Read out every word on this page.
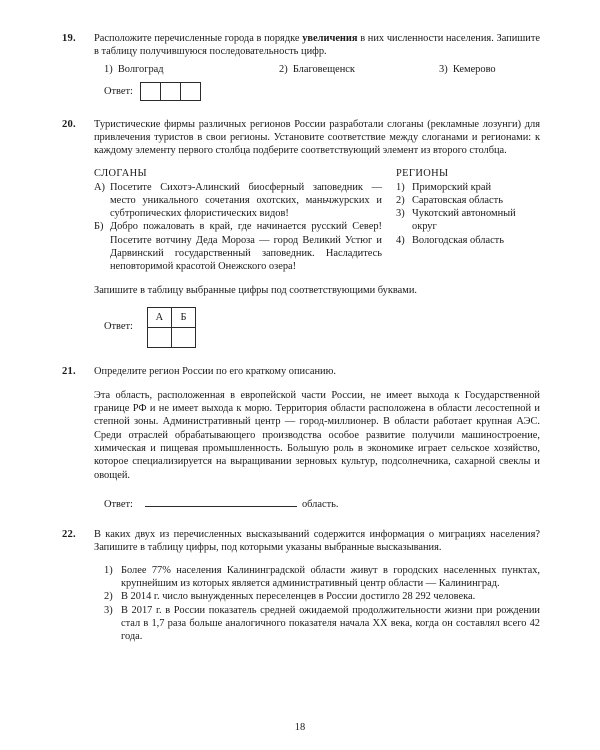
19.	Расположите перечисленные города в порядке увеличения в них численности населения. Запишите в таблицу получившуюся последовательность цифр.

1)  Волгоград	2)  Благовещенск	3)  Кемерово
Ответ:
20.	Туристические фирмы различных регионов России разработали слоганы (рекламные лозунги) для привлечения туристов в свои регионы. Установите соответствие между слоганами и регионами: к каждому элементу первого столбца подберите соответствующий элемент из второго столбца.

СЛОГАНЫ
А) Посетите Сихотэ-Алинский биосферный заповедник — место уникального сочетания охотских, маньчжурских и субтропических флористических видов!
Б) Добро пожаловать в край, где начинается русский Север! Посетите вотчину Деда Мороза — город Великий Устюг и Дарвинский государственный заповедник. Насладитесь неповторимой красотой Онежского озера!
РЕГИОНЫ
1) Приморский край
2) Саратовская область
3) Чукотский автономный округ
4) Вологодская область

Запишите в таблицу выбранные цифры под соответствующими буквами.

Ответ:
А	Б

21.	Определите регион России по его краткому описанию.

Эта область, расположенная в европейской части России, не имеет выхода к Государственной границе РФ и не имеет выхода к морю. Территория области расположена в области лесостепной и степной зоны. Административный центр — город-миллионер. В области работает крупная АЭС. Среди отраслей обрабатывающего производства особое развитие получили машиностроение, химическая и пищевая промышленность. Большую роль в экономике играет сельское хозяйство, которое специализируется на выращивании зерновых культур, подсолнечника, сахарной свеклы и овощей.

Ответ:	область.
22.	В каких двух из перечисленных высказываний содержится информация о миграциях населения? Запишите в таблицу цифры, под которыми указаны выбранные высказывания.

1) Более 77% населения Калининградской области живут в городских населенных пунктах, крупнейшим из которых является административный центр области — Калининград.
2) В 2014 г. число вынужденных переселенцев в России достигло 28 292 человека.
3) В 2017 г. в России показатель средней ожидаемой продолжительности жизни при рождении стал в 1,7 раза больше аналогичного показателя начала XX века, когда он составлял всего 42 года.
18
